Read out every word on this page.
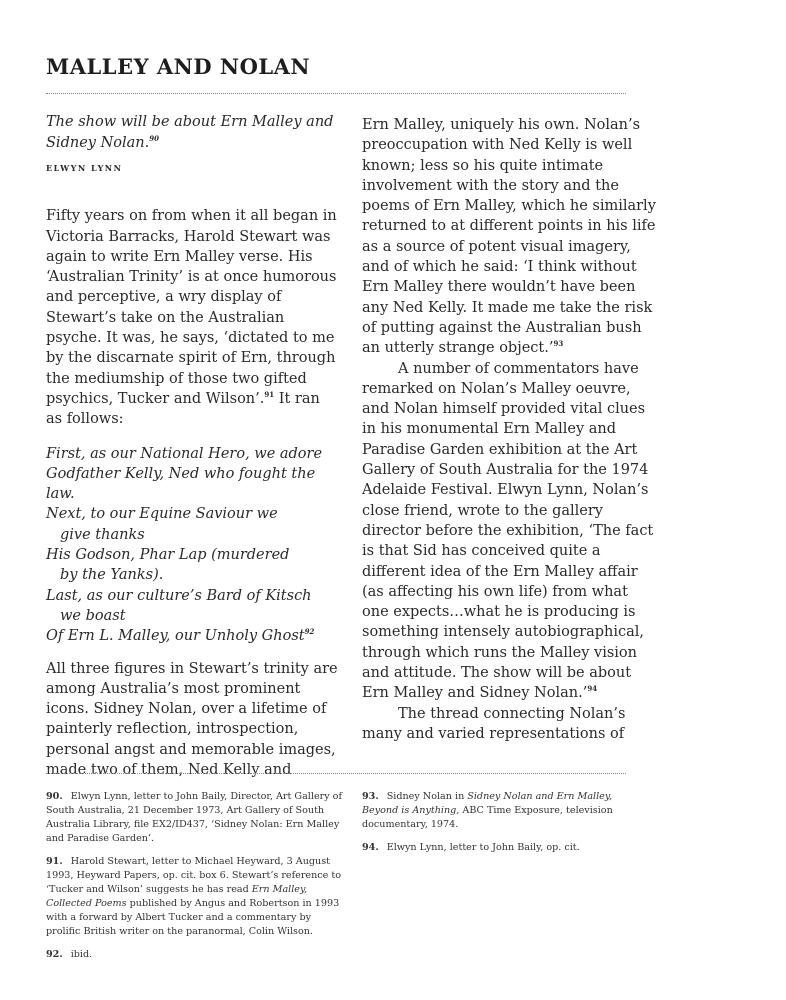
MALLEY AND NOLAN

The show will be about Ern Malley and Sidney Nolan.$^{90}$

ELWYN LYNN

Fifty years on from when it all began in Victoria Barracks, Harold Stewart was again to write Ern Malley verse. His ‘Australian Trinity’ is at once humorous and perceptive, a wry display of Stewart’s take on the Australian psyche. It was, he says, ‘dictated to me by the discarnate spirit of Ern, through the mediumship of those two gifted psychics, Tucker and Wilson’.$^{91}$ It ran as follows:

First, as our National Hero, we adore

Godfather Kelly, Ned who fought the law.

Next, to our Equine Saviour we

give thanks

His Godson, Phar Lap (murdered

by the Yanks).

Last, as our culture’s Bard of Kitsch

we boast

Of Ern L. Malley, our Unholy Ghost$^{92}$

All three figures in Stewart’s trinity are among Australia’s most prominent icons. Sidney Nolan, over a lifetime of painterly reflection, introspection, personal angst and memorable images, made two of them, Ned Kelly and

Ern Malley, uniquely his own. Nolan’s preoccupation with Ned Kelly is well known; less so his quite intimate involvement with the story and the poems of Ern Malley, which he similarly returned to at different points in his life as a source of potent visual imagery, and of which he said: ‘I think without Ern Malley there wouldn’t have been any Ned Kelly. It made me take the risk of putting against the Australian bush an utterly strange object.’$^{93}$

A number of commentators have remarked on Nolan’s Malley oeuvre, and Nolan himself provided vital clues in his monumental Ern Malley and Paradise Garden exhibition at the Art Gallery of South Australia for the 1974 Adelaide Festival. Elwyn Lynn, Nolan’s close friend, wrote to the gallery director before the exhibition, ‘The fact is that Sid has conceived quite a different idea of the Ern Malley affair (as affecting his own life) from what one expects…what he is producing is something intensely autobiographical, through which runs the Malley vision and attitude. The show will be about Ern Malley and Sidney Nolan.’$^{94}$

The thread connecting Nolan’s many and varied representations of

90. Elwyn Lynn, letter to John Baily, Director, Art Gallery of South Australia, 21 December 1973, Art Gallery of South Australia Library, file EX2/ID437, ‘Sidney Nolan: Ern Malley and Paradise Garden’.

91. Harold Stewart, letter to Michael Heyward, 3 August 1993, Heyward Papers, op. cit. box 6. Stewart’s reference to ‘Tucker and Wilson’ suggests he has read Ern Malley, Collected Poems published by Angus and Robertson in 1993 with a forward by Albert Tucker and a commentary by prolific British writer on the paranormal, Colin Wilson.

92. ibid.

93. Sidney Nolan in Sidney Nolan and Ern Malley, Beyond is Anything, ABC Time Exposure, television documentary, 1974.

94. Elwyn Lynn, letter to John Baily, op. cit.
